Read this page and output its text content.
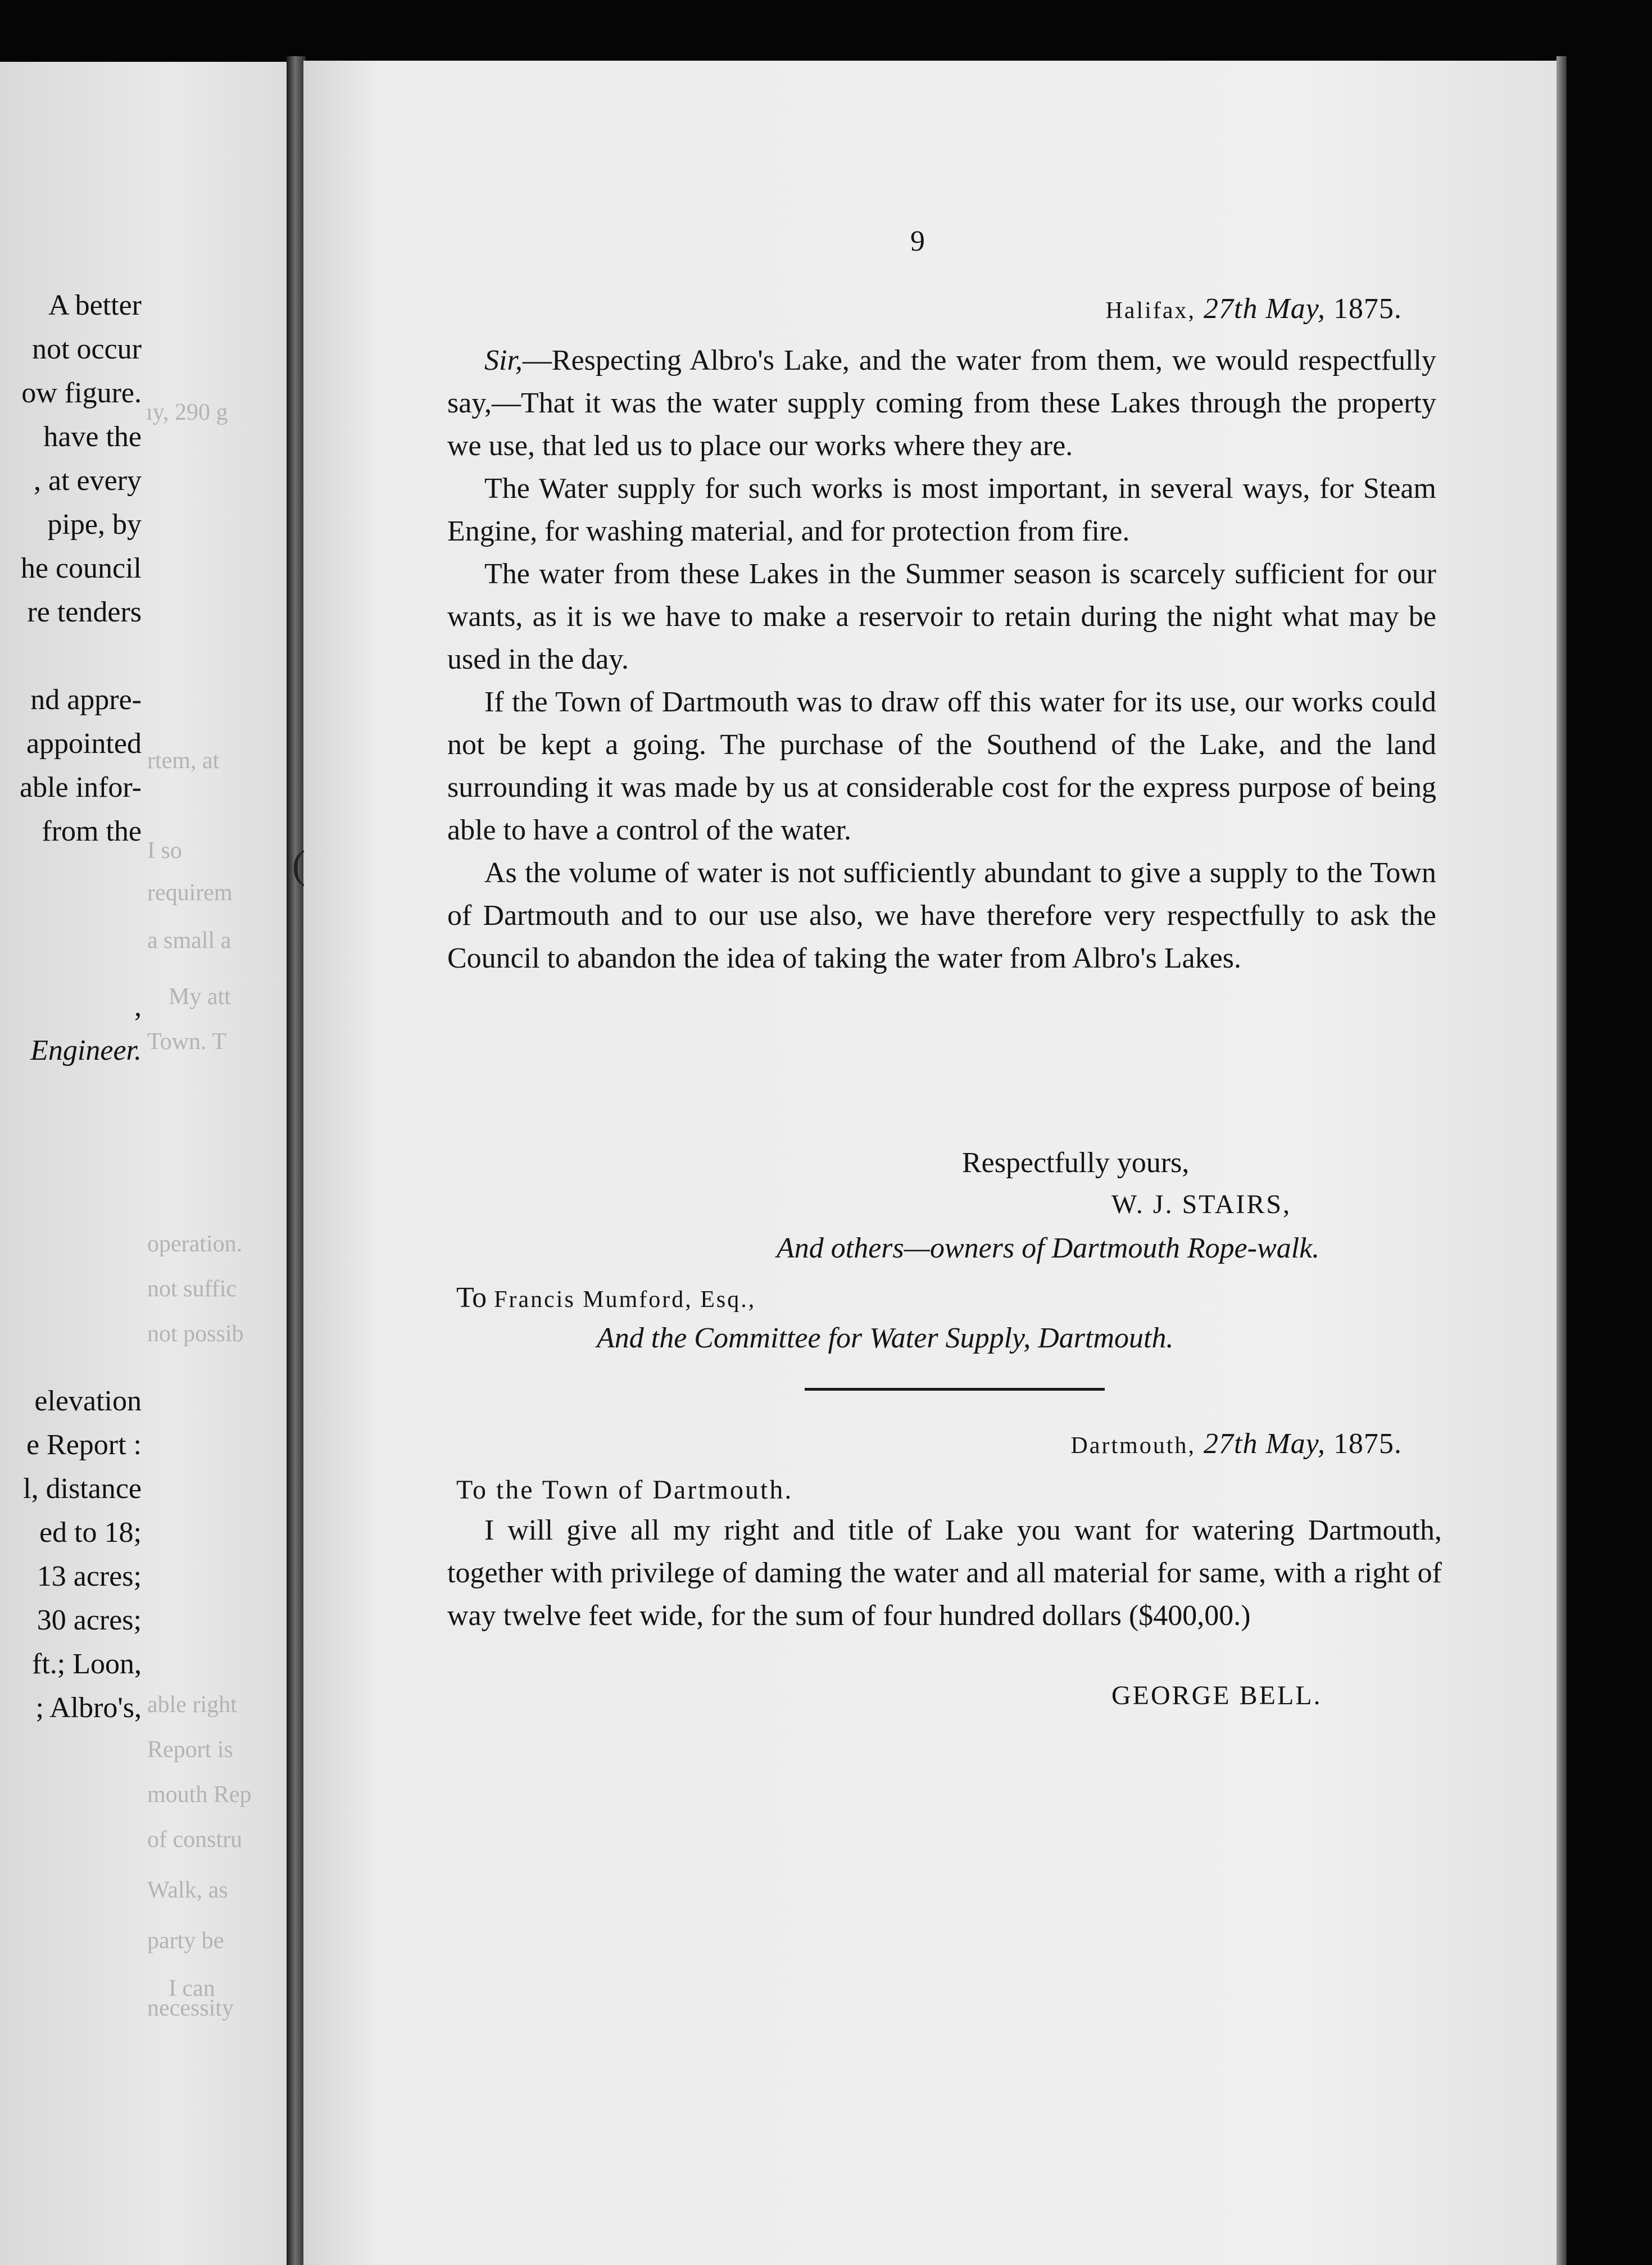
A better
not occur
ow figure.
have the
, at every
pipe, by
he council
re tenders
nd appre-
appointed
able infor-
from the
,
Engineer.
elevation
e Report :
l, distance
ed to 18;
13 acres;
30 acres;
ft.; Loon,
; Albro's,
ıy, 290 g
rtem, at
I so
requirem
a small a
My att
Town. T
operation.
not suffic
not possib
able right
Report is
mouth Rep
of constru
Walk, as
party be
I can
necessity
(
9
Halifax, 27th May, 1875.

Sir,—Respecting Albro's Lake, and the water from them, we would respectfully say,—That it was the water supply coming from these Lakes through the property we use, that led us to place our works where they are.

The Water supply for such works is most important, in several ways, for Steam Engine, for washing material, and for protection from fire.

The water from these Lakes in the Summer season is scarcely sufficient for our wants, as it is we have to make a reservoir to retain during the night what may be used in the day.

If the Town of Dartmouth was to draw off this water for its use, our works could not be kept a going. The purchase of the Southend of the Lake, and the land surrounding it was made by us at considerable cost for the express purpose of being able to have a control of the water.

As the volume of water is not sufficiently abundant to give a supply to the Town of Dartmouth and to our use also, we have therefore very respectfully to ask the Council to abandon the idea of taking the water from Albro's Lakes.

Respectfully yours,
W. J. STAIRS,
And others—owners of Dartmouth Rope-walk.
To Francis Mumford, Esq.,
And the Committee for Water Supply, Dartmouth.
Dartmouth, 27th May, 1875.
To the Town of Dartmouth.

I will give all my right and title of Lake you want for watering Dartmouth, together with privilege of daming the water and all material for same, with a right of way twelve feet wide, for the sum of four hundred dollars ($400,00.)

GEORGE BELL.
